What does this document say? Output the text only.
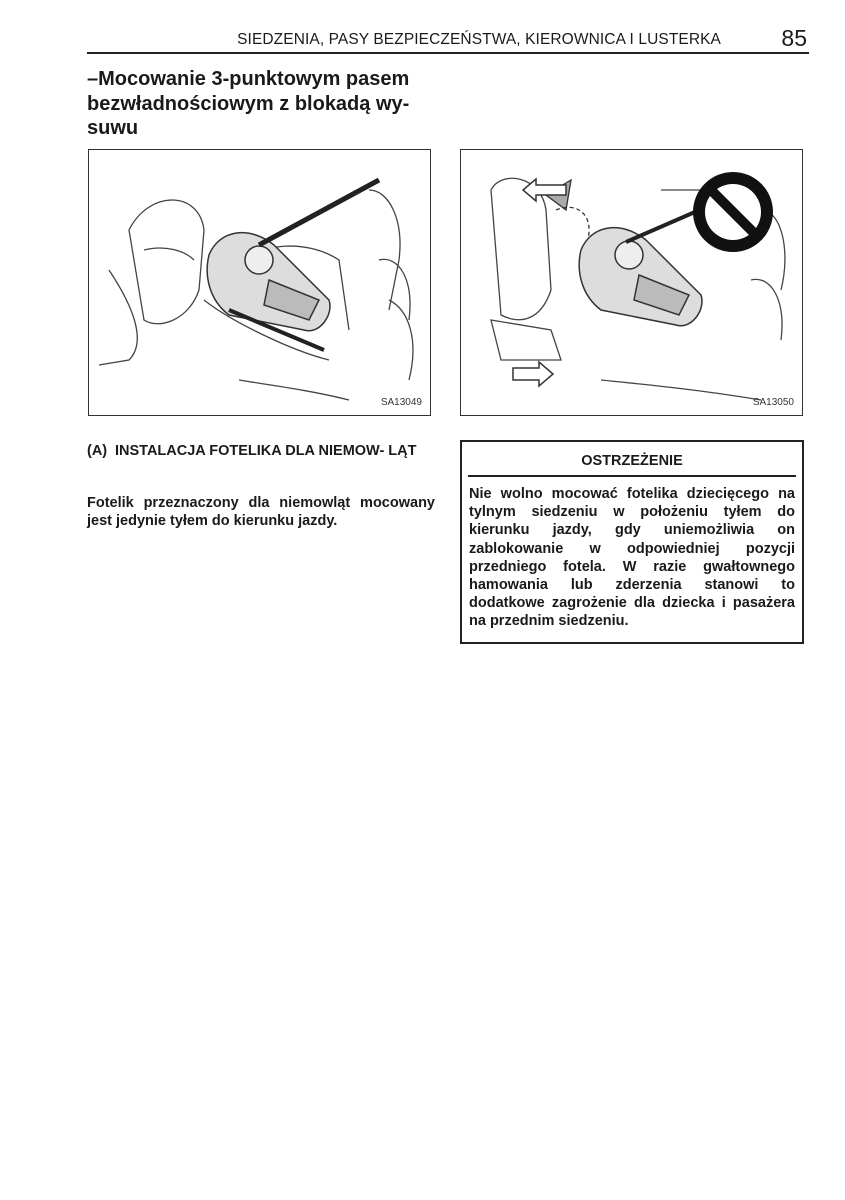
SIEDZENIA, PASY BEZPIECZEŃSTWA, KIEROWNICA I LUSTERKA	85
–Mocowanie 3-punktowym pasem bezwładnościowym z blokadą wy- suwu
SA13049	SA13050
(A) INSTALACJA FOTELIKA DLA NIEMOW- LĄT
Fotelik przeznaczony dla niemowląt mocowany jest jedynie tyłem do kierunku jazdy.
OSTRZEŻENIE
Nie wolno mocować fotelika dziecięcego na tylnym siedzeniu w położeniu tyłem do kierunku jazdy, gdy uniemożliwia on zablokowanie w odpowiedniej pozycji przedniego fotela. W razie gwałtownego hamowania lub zderzenia stanowi to dodatkowe zagrożenie dla dziecka i pasażera na przednim siedzeniu.
